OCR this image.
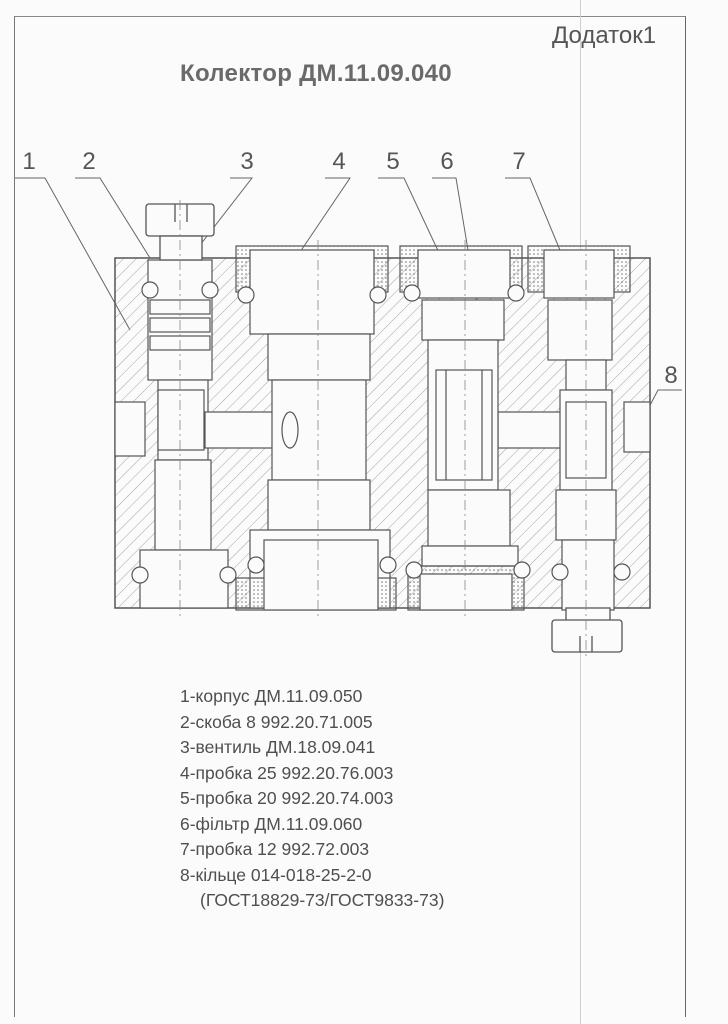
Додаток1
Колектор ДМ.11.09.040
1	2	3	4	5	6	7
8
1-корпус ДМ.11.09.050
2-скоба 8 992.20.71.005
3-вентиль ДМ.18.09.041
4-пробка 25 992.20.76.003
5-пробка 20 992.20.74.003
6-фільтр ДМ.11.09.060
7-пробка 12 992.72.003
8-кільце 014-018-25-2-0
(ГОСТ18829-73/ГОСТ9833-73)
